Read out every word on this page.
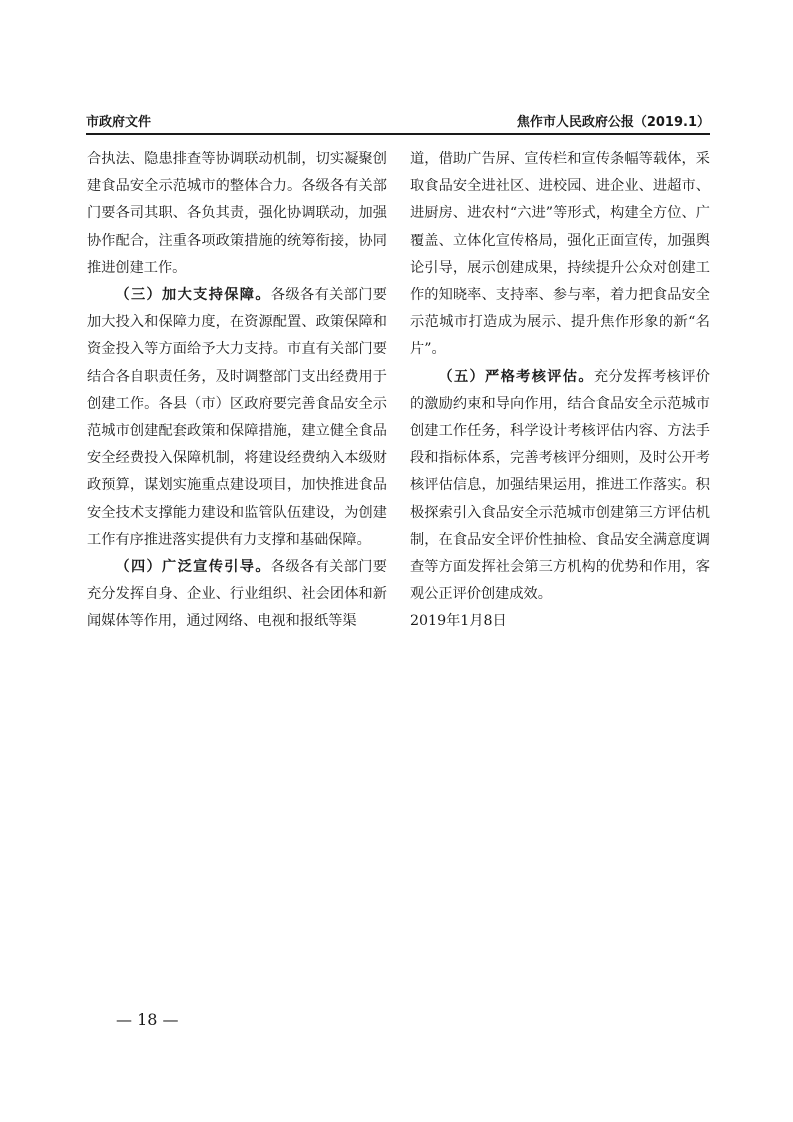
市政府文件	焦作市人民政府公报（2019.1）

合执法、隐患排查等协调联动机制，切实凝聚创建食品安全示范城市的整体合力。各级各有关部门要各司其职、各负其责，强化协调联动，加强协作配合，注重各项政策措施的统筹衔接，协同推进创建工作。

（三）加大支持保障。各级各有关部门要加大投入和保障力度，在资源配置、政策保障和资金投入等方面给予大力支持。市直有关部门要结合各自职责任务，及时调整部门支出经费用于创建工作。各县（市）区政府要完善食品安全示范城市创建配套政策和保障措施，建立健全食品安全经费投入保障机制，将建设经费纳入本级财政预算，谋划实施重点建设项目，加快推进食品安全技术支撑能力建设和监管队伍建设，为创建工作有序推进落实提供有力支撑和基础保障。

（四）广泛宣传引导。各级各有关部门要充分发挥自身、企业、行业组织、社会团体和新闻媒体等作用，通过网络、电视和报纸等渠

道，借助广告屏、宣传栏和宣传条幅等载体，采取食品安全进社区、进校园、进企业、进超市、进厨房、进农村“六进”等形式，构建全方位、广覆盖、立体化宣传格局，强化正面宣传，加强舆论引导，展示创建成果，持续提升公众对创建工作的知晓率、支持率、参与率，着力把食品安全示范城市打造成为展示、提升焦作形象的新“名片”。

（五）严格考核评估。充分发挥考核评价的激励约束和导向作用，结合食品安全示范城市创建工作任务，科学设计考核评估内容、方法手段和指标体系，完善考核评分细则，及时公开考核评估信息，加强结果运用，推进工作落实。积极探索引入食品安全示范城市创建第三方评估机制，在食品安全评价性抽检、食品安全满意度调查等方面发挥社会第三方机构的优势和作用，客观公正评价创建成效。

2019年1月8日

— 18 —
